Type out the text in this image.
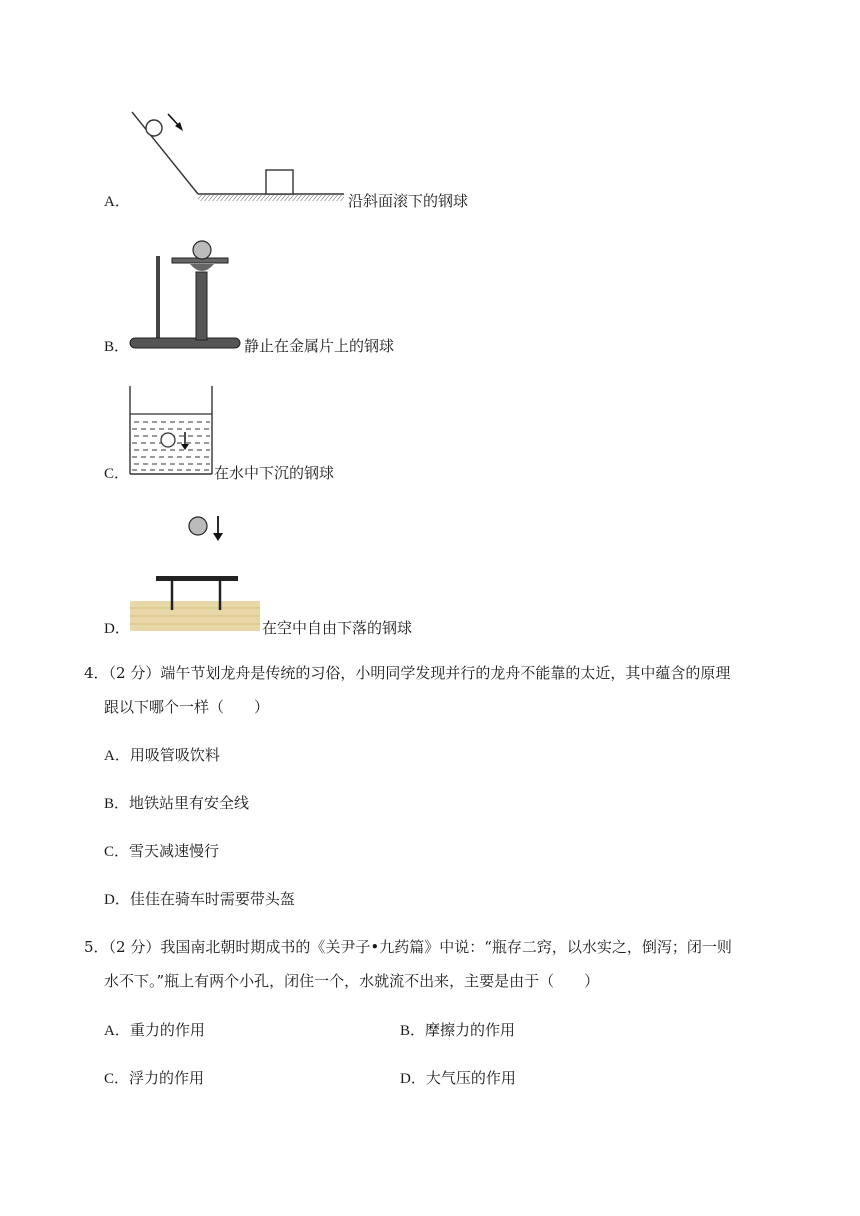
A．	沿斜面滚下的钢球
B．	静止在金属片上的钢球
C．	在水中下沉的钢球
D．	在空中自由下落的钢球
4．（2 分）端午节划龙舟是传统的习俗，小明同学发现并行的龙舟不能靠的太近，其中蕴含的原理
跟以下哪个一样（　　）
A．用吸管吸饮料
B．地铁站里有安全线
C．雪天减速慢行
D．佳佳在骑车时需要带头盔
5．（2 分）我国南北朝时期成书的《关尹子•九药篇》中说：“瓶存二窍，以水实之，倒泻；闭一则
水不下。”瓶上有两个小孔，闭住一个，水就流不出来，主要是由于（　　）
A．重力的作用	B．摩擦力的作用
C．浮力的作用	D．大气压的作用
